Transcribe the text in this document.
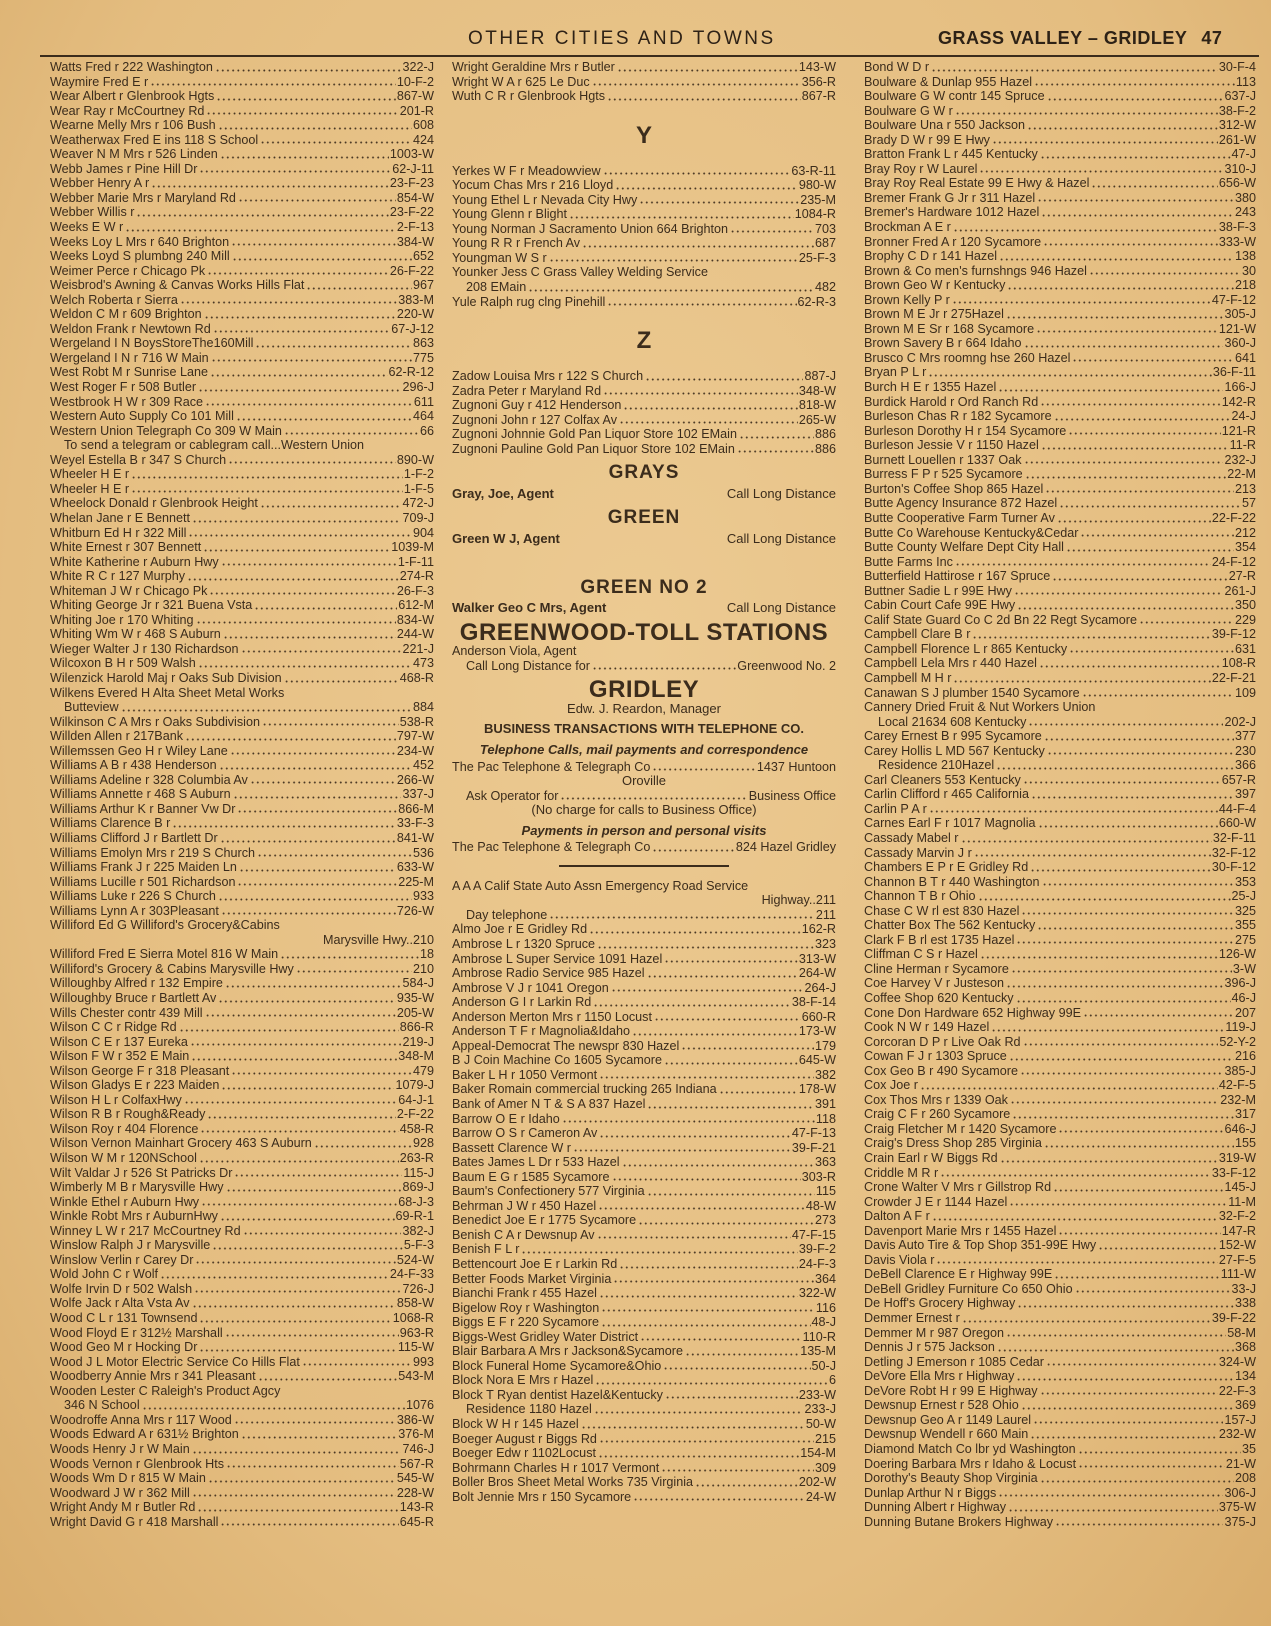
OTHER CITIES AND TOWNS	GRASS VALLEY – GRIDLEY 47
Watts Fred r 222 Washington	322-J
Waymire Fred E r	10-F-2
Wear Albert r Glenbrook Hgts	867-W
Wear Ray r McCourtney Rd	201-R
Wearne Melly Mrs r 106 Bush	608
Weatherwax Fred E ins 118 S School	424
Weaver N M Mrs r 526 Linden	1003-W
Webb James r Pine Hill Dr	62-J-11
Webber Henry A r	23-F-23
Webber Marie Mrs r Maryland Rd	854-W
Webber Willis r	23-F-22
Weeks E W r	2-F-13
Weeks Loy L Mrs r 640 Brighton	384-W
Weeks Loyd S plumbng 240 Mill	652
Weimer Perce r Chicago Pk	26-F-22
Weisbrod's Awning & Canvas Works Hills Flat	967
Welch Roberta r Sierra	383-M
Weldon C M r 609 Brighton	220-W
Weldon Frank r Newtown Rd	67-J-12
Wergeland I N BoysStoreThe160Mill	863
Wergeland I N r 716 W Main	775
West Robt M r Sunrise Lane	62-R-12
West Roger F r 508 Butler	296-J
Westbrook H W r 309 Race	611
Western Auto Supply Co 101 Mill	464
Western Union Telegraph Co 309 W Main	66
To send a telegram or cablegram call...Western Union
Weyel Estella B r 347 S Church	890-W
Wheeler H E r	1-F-2
Wheeler H E r	1-F-5
Wheelock Donald r Glenbrook Height	472-J
Whelan Jane r E Bennett	709-J
Whitburn Ed H r 322 Mill	904
White Ernest r 307 Bennett	1039-M
White Katherine r Auburn Hwy	1-F-11
White R C r 127 Murphy	274-R
Whiteman J W r Chicago Pk	26-F-3
Whiting George Jr r 321 Buena Vsta	612-M
Whiting Joe r 170 Whiting	834-W
Whiting Wm W r 468 S Auburn	244-W
Wieger Walter J r 130 Richardson	221-J
Wilcoxon B H r 509 Walsh	473
Wilenzick Harold Maj r Oaks Sub Division	468-R
Wilkens Evered H Alta Sheet Metal Works
Butteview	884
Wilkinson C A Mrs r Oaks Subdivision	538-R
Willden Allen r 217Bank	797-W
Willemssen Geo H r Wiley Lane	234-W
Williams A B r 438 Henderson	452
Williams Adeline r 328 Columbia Av	266-W
Williams Annette r 468 S Auburn	337-J
Williams Arthur K r Banner Vw Dr	866-M
Williams Clarence B r	33-F-3
Williams Clifford J r Bartlett Dr	841-W
Williams Emolyn Mrs r 219 S Church	536
Williams Frank J r 225 Maiden Ln	633-W
Williams Lucille r 501 Richardson	225-M
Williams Luke r 226 S Church	933
Williams Lynn A r 303Pleasant	726-W
Williford Ed G Williford's Grocery&Cabins
Marysville Hwy.. 210
Williford Fred E Sierra Motel 816 W Main	18
Williford's Grocery & Cabins Marysville Hwy	210
Willoughby Alfred r 132 Empire	584-J
Willoughby Bruce r Bartlett Av	935-W
Wills Chester contr 439 Mill	205-W
Wilson C C r Ridge Rd	866-R
Wilson C E r 137 Eureka	219-J
Wilson F W r 352 E Main	348-M
Wilson George F r 318 Pleasant	479
Wilson Gladys E r 223 Maiden	1079-J
Wilson H L r ColfaxHwy	64-J-1
Wilson R B r Rough&Ready	2-F-22
Wilson Roy r 404 Florence	458-R
Wilson Vernon Mainhart Grocery 463 S Auburn	928
Wilson W M r 120NSchool	263-R
Wilt Valdar J r 526 St Patricks Dr	115-J
Wimberly M B r Marysville Hwy	869-J
Winkle Ethel r Auburn Hwy	68-J-3
Winkle Robt Mrs r AuburnHwy	69-R-1
Winney L W r 217 McCourtney Rd	382-J
Winslow Ralph J r Marysville	5-F-3
Winslow Verlin r Carey Dr	524-W
Wold John C r Wolf	24-F-33
Wolfe Irvin D r 502 Walsh	726-J
Wolfe Jack r Alta Vsta Av	858-W
Wood C L r 131 Townsend	1068-R
Wood Floyd E r 312½ Marshall	963-R
Wood Geo M r Hocking Dr	115-W
Wood J L Motor Electric Service Co Hills Flat	993
Woodberry Annie Mrs r 341 Pleasant	543-M
Wooden Lester C Raleigh's Product Agcy
346 N School	1076
Woodroffe Anna Mrs r 117 Wood	386-W
Woods Edward A r 631½ Brighton	376-M
Woods Henry J r W Main	746-J
Woods Vernon r Glenbrook Hts	567-R
Woods Wm D r 815 W Main	545-W
Woodward J W r 362 Mill	228-W
Wright Andy M r Butler Rd	143-R
Wright David G r 418 Marshall	645-R
Wright Geraldine Mrs r Butler	143-W
Wright W A r 625 Le Duc	356-R
Wuth C R r Glenbrook Hgts	867-R
Y
Yerkes W F r Meadowview	63-R-11
Yocum Chas Mrs r 216 Lloyd	980-W
Young Ethel L r Nevada City Hwy	235-M
Young Glenn r Blight	1084-R
Young Norman J Sacramento Union 664 Brighton	703
Young R R r French Av	687
Youngman W S r	25-F-3
Younker Jess C Grass Valley Welding Service
208 EMain	482
Yule Ralph rug clng Pinehill	62-R-3
Z
Zadow Louisa Mrs r 122 S Church	887-J
Zadra Peter r Maryland Rd	348-W
Zugnoni Guy r 412 Henderson	818-W
Zugnoni John r 127 Colfax Av	265-W
Zugnoni Johnnie Gold Pan Liquor Store 102 EMain	886
Zugnoni Pauline Gold Pan Liquor Store 102 EMain	886
GRAYS
Gray, Joe, Agent	Call Long Distance
GREEN
Green W J, Agent	Call Long Distance
GREEN NO 2
Walker Geo C Mrs, Agent	Call Long Distance
GREENWOOD-TOLL STATIONS
Anderson Viola, Agent
Call Long Distance for	Greenwood No. 2
GRIDLEY
Edw. J. Reardon, Manager
BUSINESS TRANSACTIONS WITH TELEPHONE CO.
Telephone Calls, mail payments and correspondence
The Pac Telephone & Telegraph Co	1437 Huntoon
Oroville
Ask Operator for	Business Office
(No charge for calls to Business Office)
Payments in person and personal visits
The Pac Telephone & Telegraph Co	824 Hazel Gridley
A A A Calif State Auto Assn Emergency Road Service
Highway.. 211
Day telephone	211
Almo Joe r E Gridley Rd	162-R
Ambrose L r 1320 Spruce	323
Ambrose L Super Service 1091 Hazel	313-W
Ambrose Radio Service 985 Hazel	264-W
Ambrose V J r 1041 Oregon	264-J
Anderson G I r Larkin Rd	38-F-14
Anderson Merton Mrs r 1150 Locust	660-R
Anderson T F r Magnolia&Idaho	173-W
Appeal-Democrat The newspr 830 Hazel	179
B J Coin Machine Co 1605 Sycamore	645-W
Baker L H r 1050 Vermont	382
Baker Romain commercial trucking 265 Indiana	178-W
Bank of Amer N T & S A 837 Hazel	391
Barrow O E r Idaho	118
Barrow O S r Cameron Av	47-F-13
Bassett Clarence W r	39-F-21
Bates James L Dr r 533 Hazel	363
Baum E G r 1585 Sycamore	303-R
Baum's Confectionery 577 Virginia	115
Behrman J W r 450 Hazel	48-W
Benedict Joe E r 1775 Sycamore	273
Benish C A r Dewsnup Av	47-F-15
Benish F L r	39-F-2
Bettencourt Joe E r Larkin Rd	24-F-3
Better Foods Market Virginia	364
Bianchi Frank r 455 Hazel	322-W
Bigelow Roy r Washington	116
Biggs E F r 220 Sycamore	48-J
Biggs-West Gridley Water District	110-R
Blair Barbara A Mrs r Jackson&Sycamore	135-M
Block Funeral Home Sycamore&Ohio	50-J
Block Nora E Mrs r Hazel	6
Block T Ryan dentist Hazel&Kentucky	233-W
Residence 1180 Hazel	233-J
Block W H r 145 Hazel	50-W
Boeger August r Biggs Rd	215
Boeger Edw r 1102Locust	154-M
Bohrmann Charles H r 1017 Vermont	309
Boller Bros Sheet Metal Works 735 Virginia	202-W
Bolt Jennie Mrs r 150 Sycamore	24-W
Bond W D r	30-F-4
Boulware & Dunlap 955 Hazel	113
Boulware G W contr 145 Spruce	637-J
Boulware G W r	38-F-2
Boulware Una r 550 Jackson	312-W
Brady D W r 99 E Hwy	261-W
Bratton Frank L r 445 Kentucky	47-J
Bray Roy r W Laurel	310-J
Bray Roy Real Estate 99 E Hwy & Hazel	656-W
Bremer Frank G Jr r 311 Hazel	380
Bremer's Hardware 1012 Hazel	243
Brockman A E r	38-F-3
Bronner Fred A r 120 Sycamore	333-W
Brophy C D r 141 Hazel	138
Brown & Co men's furnshngs 946 Hazel	30
Brown Geo W r Kentucky	218
Brown Kelly P r	47-F-12
Brown M E Jr r 275Hazel	305-J
Brown M E Sr r 168 Sycamore	121-W
Brown Savery B r 664 Idaho	360-J
Brusco C Mrs roomng hse 260 Hazel	641
Bryan P L r	36-F-11
Burch H E r 1355 Hazel	166-J
Burdick Harold r Ord Ranch Rd	142-R
Burleson Chas R r 182 Sycamore	24-J
Burleson Dorothy H r 154 Sycamore	121-R
Burleson Jessie V r 1150 Hazel	11-R
Burnett Louellen r 1337 Oak	232-J
Burress F P r 525 Sycamore	22-M
Burton's Coffee Shop 865 Hazel	213
Butte Agency Insurance 872 Hazel	57
Butte Cooperative Farm Turner Av	22-F-22
Butte Co Warehouse Kentucky&Cedar	212
Butte County Welfare Dept City Hall	354
Butte Farms Inc	24-F-12
Butterfield Hattirose r 167 Spruce	27-R
Buttner Sadie L r 99E Hwy	261-J
Cabin Court Cafe 99E Hwy	350
Calif State Guard Co C 2d Bn 22 Regt Sycamore	229
Campbell Clare B r	39-F-12
Campbell Florence L r 865 Kentucky	631
Campbell Lela Mrs r 440 Hazel	108-R
Campbell M H r	22-F-21
Canawan S J plumber 1540 Sycamore	109
Cannery Dried Fruit & Nut Workers Union
Local 21634 608 Kentucky	202-J
Carey Ernest B r 995 Sycamore	377
Carey Hollis L MD 567 Kentucky	230
Residence 210Hazel	366
Carl Cleaners 553 Kentucky	657-R
Carlin Clifford r 465 California	397
Carlin P A r	44-F-4
Carnes Earl F r 1017 Magnolia	660-W
Cassady Mabel r	32-F-11
Cassady Marvin J r	32-F-12
Chambers E P r E Gridley Rd	30-F-12
Channon B T r 440 Washington	353
Channon T B r Ohio	25-J
Chase C W rl est 830 Hazel	325
Chatter Box The 562 Kentucky	355
Clark F B rl est 1735 Hazel	275
Cliffman C S r Hazel	126-W
Cline Herman r Sycamore	3-W
Coe Harvey V r Justeson	396-J
Coffee Shop 620 Kentucky	46-J
Cone Don Hardware 652 Highway 99E	207
Cook N W r 149 Hazel	119-J
Corcoran D P r Live Oak Rd	52-Y-2
Cowan F J r 1303 Spruce	216
Cox Geo B r 490 Sycamore	385-J
Cox Joe r	42-F-5
Cox Thos Mrs r 1339 Oak	232-M
Craig C F r 260 Sycamore	317
Craig Fletcher M r 1420 Sycamore	646-J
Craig's Dress Shop 285 Virginia	155
Crain Earl r W Biggs Rd	319-W
Criddle M R r	33-F-12
Crone Walter V Mrs r Gillstrop Rd	145-J
Crowder J E r 1144 Hazel	11-M
Dalton A F r	32-F-2
Davenport Marie Mrs r 1455 Hazel	147-R
Davis Auto Tire & Top Shop 351-99E Hwy	152-W
Davis Viola r	27-F-5
DeBell Clarence E r Highway 99E	111-W
DeBell Gridley Furniture Co 650 Ohio	33-J
De Hoff's Grocery Highway	338
Demmer Ernest r	39-F-22
Demmer M r 987 Oregon	58-M
Dennis J r 575 Jackson	368
Detling J Emerson r 1085 Cedar	324-W
DeVore Ella Mrs r Highway	134
DeVore Robt H r 99 E Highway	22-F-3
Dewsnup Ernest r 528 Ohio	369
Dewsnup Geo A r 1149 Laurel	157-J
Dewsnup Wendell r 660 Main	232-W
Diamond Match Co lbr yd Washington	35
Doering Barbara Mrs r Idaho & Locust	21-W
Dorothy's Beauty Shop Virginia	208
Dunlap Arthur N r Biggs	306-J
Dunning Albert r Highway	375-W
Dunning Butane Brokers Highway	375-J
